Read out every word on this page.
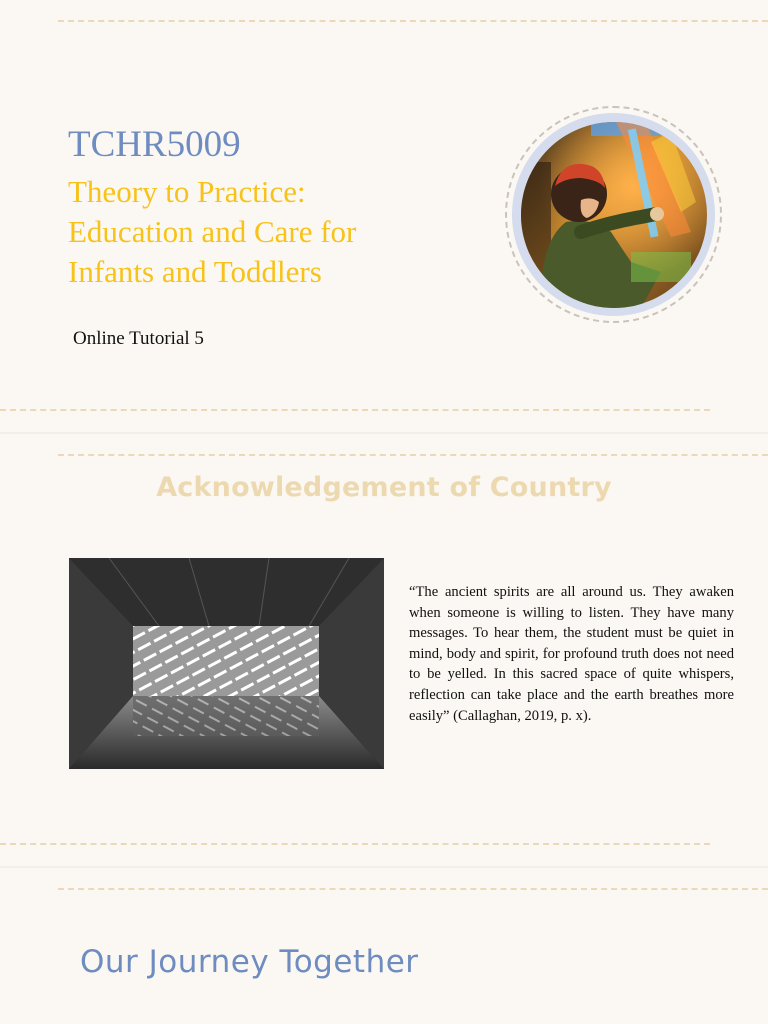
TCHR5009
Theory to Practice: Education and Care for Infants and Toddlers
Online Tutorial 5
Acknowledgement of Country
“The ancient spirits are all around us. They awaken when someone is willing to listen. They have many messages. To hear them, the student must be quiet in mind, body and spirit, for profound truth does not need to be yelled. In this sacred space of quite whispers, reflection can take place and the earth breathes more easily” (Callaghan, 2019, p. x).
Our Journey Together
